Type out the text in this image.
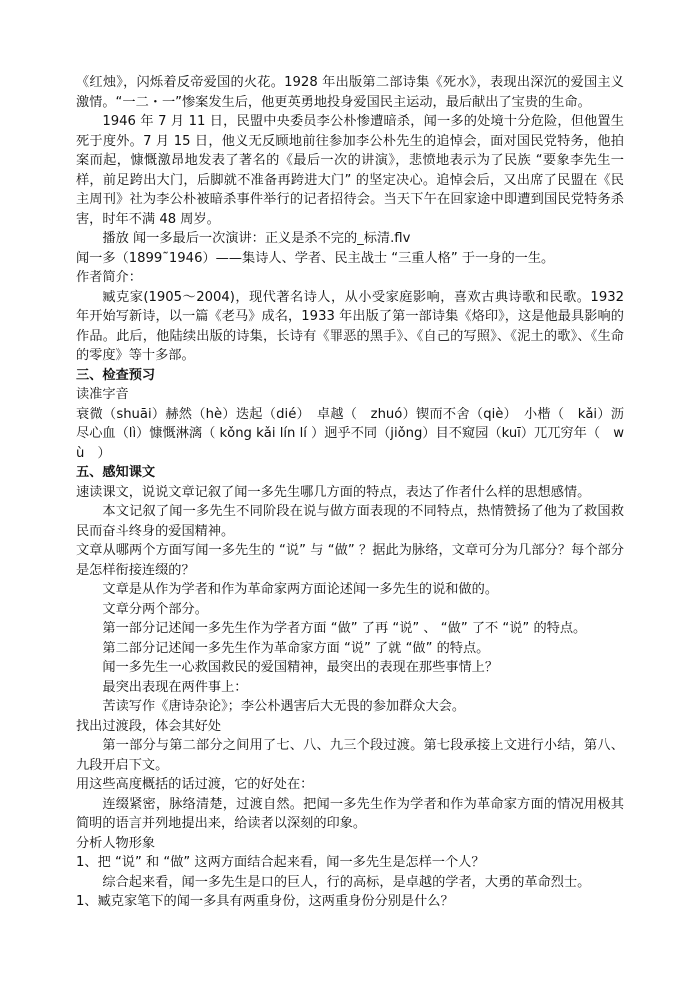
《红烛》，闪烁着反帝爱国的火花。1928 年出版第二部诗集《死水》，表现出深沉的爱国主义激情。“一二・一”惨案发生后，他更英勇地投身爱国民主运动，最后献出了宝贵的生命。

1946 年 7 月 11 日，民盟中央委员李公朴惨遭暗杀，闻一多的处境十分危险，但他置生死于度外。7 月 15 日，他义无反顾地前往参加李公朴先生的追悼会，面对国民党特务，他拍案而起，慷慨激昂地发表了著名的《最后一次的讲演》，悲愤地表示为了民族 “要象李先生一样，前足跨出大门，后脚就不准备再跨进大门” 的坚定决心。追悼会后，又出席了民盟在《民主周刊》社为李公朴被暗杀事件举行的记者招待会。当天下午在回家途中即遭到国民党特务杀害，时年不满 48 周岁。

播放 闻一多最后一次演讲：正义是杀不完的_标清.flv

闻一多（1899˜1946）——集诗人、学者、民主战士 “三重人格” 于一身的一生。

作者简介：

臧克家(1905～2004)，现代著名诗人，从小受家庭影响，喜欢古典诗歌和民歌。1932 年开始写新诗，以一篇《老马》成名，1933 年出版了第一部诗集《烙印》，这是他最具影响的作品。此后，他陆续出版的诗集，长诗有《罪恶的黑手》、《自己的写照》、《泥土的歌》、《生命的零度》等十多部。

三、检查预习

读准字音

衰微（shuāi）赫然（hè）迭起（dié）　卓越（　zhuó）锲而不舍（qiè）　小楷（　kǎi）沥尽心血（lì）慷慨淋漓（ kǒng kǎi lín lí ）迥乎不同（jiǒng）目不窥园（kuī）兀兀穷年（　wù　）

五、感知课文

速读课文，说说文章记叙了闻一多先生哪几方面的特点，表达了作者什么样的思想感情。

本文记叙了闻一多先生不同阶段在说与做方面表现的不同特点，热情赞扬了他为了救国救民而奋斗终身的爱国精神。

文章从哪两个方面写闻一多先生的 “说” 与 “做” ？据此为脉络，文章可分为几部分？每个部分是怎样衔接连缀的？

文章是从作为学者和作为革命家两方面论述闻一多先生的说和做的。

文章分两个部分。

第一部分记述闻一多先生作为学者方面 “做” 了再 “说” 、 “做” 了不 “说” 的特点。

第二部分记述闻一多先生作为革命家方面 “说” 了就 “做” 的特点。

闻一多先生一心救国救民的爱国精神，最突出的表现在那些事情上？

最突出表现在两件事上：

苦读写作《唐诗杂论》；李公朴遇害后大无畏的参加群众大会。

找出过渡段，体会其好处

第一部分与第二部分之间用了七、八、九三个段过渡。第七段承接上文进行小结，第八、九段开启下文。

用这些高度概括的话过渡，它的好处在：

连缀紧密，脉络清楚，过渡自然。把闻一多先生作为学者和作为革命家方面的情况用极其简明的语言并列地提出来，给读者以深刻的印象。

分析人物形象

1、把 “说” 和 “做” 这两方面结合起来看，闻一多先生是怎样一个人？

综合起来看，闻一多先生是口的巨人，行的高标，是卓越的学者，大勇的革命烈士。

1、臧克家笔下的闻一多具有两重身份，这两重身份分别是什么？
